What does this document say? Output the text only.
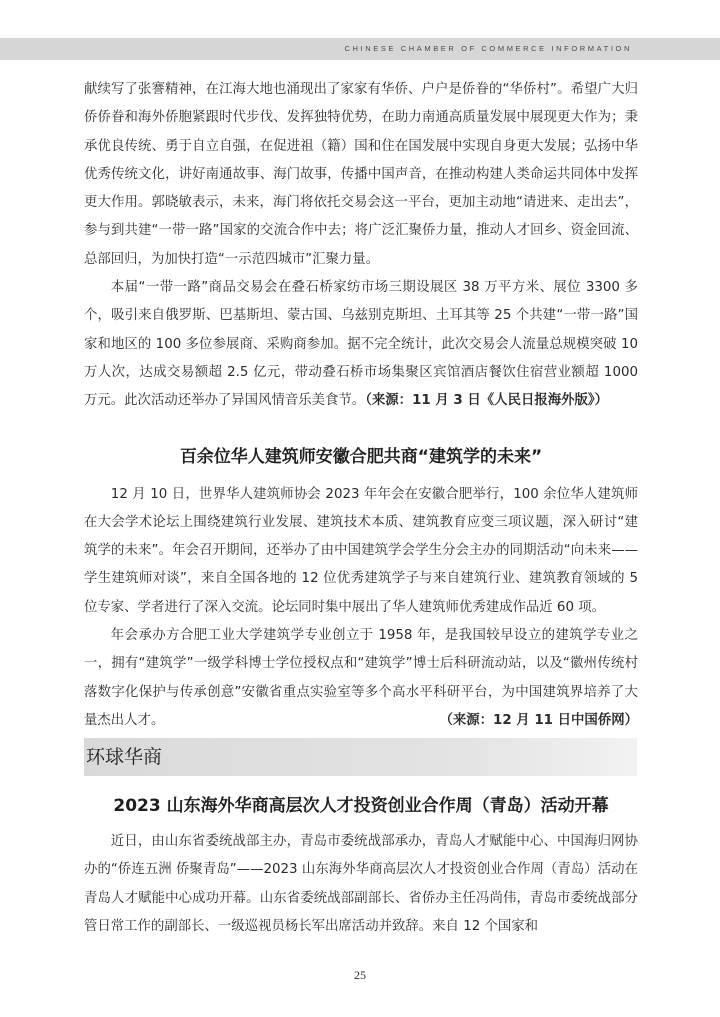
CHINESE CHAMBER OF COMMERCE INFORMATION

献续写了张謇精神，在江海大地也涌现出了家家有华侨、户户是侨眷的“华侨村”。希望广大归侨侨眷和海外侨胞紧跟时代步伐、发挥独特优势，在助力南通高质量发展中展现更大作为；秉承优良传统、勇于自立自强，在促进祖（籍）国和住在国发展中实现自身更大发展；弘扬中华优秀传统文化，讲好南通故事、海门故事，传播中国声音，在推动构建人类命运共同体中发挥更大作用。郭晓敏表示，未来，海门将依托交易会这一平台，更加主动地“请进来、走出去”，参与到共建“一带一路”国家的交流合作中去；将广泛汇聚侨力量，推动人才回乡、资金回流、总部回归，为加快打造“一示范四城市”汇聚力量。

本届“一带一路”商品交易会在叠石桥家纺市场三期设展区 38 万平方米、展位 3300 多个，吸引来自俄罗斯、巴基斯坦、蒙古国、乌兹别克斯坦、土耳其等 25 个共建“一带一路”国家和地区的 100 多位参展商、采购商参加。据不完全统计，此次交易会人流量总规模突破 10 万人次，达成交易额超 2.5 亿元，带动叠石桥市场集聚区宾馆酒店餐饮住宿营业额超 1000 万元。此次活动还举办了异国风情音乐美食节。（来源：11 月 3 日《人民日报海外版》）

百余位华人建筑师安徽合肥共商“建筑学的未来”

12 月 10 日，世界华人建筑师协会 2023 年年会在安徽合肥举行，100 余位华人建筑师在大会学术论坛上围绕建筑行业发展、建筑技术本质、建筑教育应变三项议题，深入研讨“建筑学的未来”。年会召开期间，还举办了由中国建筑学会学生分会主办的同期活动“向未来——学生建筑师对谈”，来自全国各地的 12 位优秀建筑学子与来自建筑行业、建筑教育领域的 5 位专家、学者进行了深入交流。论坛同时集中展出了华人建筑师优秀建成作品近 60 项。

年会承办方合肥工业大学建筑学专业创立于 1958 年，是我国较早设立的建筑学专业之一，拥有“建筑学”一级学科博士学位授权点和“建筑学”博士后科研流动站，以及“徽州传统村落数字化保护与传承创意”安徽省重点实验室等多个高水平科研平台，为中国建筑界培养了大量杰出人才。	（来源：12 月 11 日中国侨网）

环球华商
2023 山东海外华商高层次人才投资创业合作周（青岛）活动开幕

近日，由山东省委统战部主办，青岛市委统战部承办，青岛人才赋能中心、中国海归网协办的“侨连五洲 侨聚青岛”——2023 山东海外华商高层次人才投资创业合作周（青岛）活动在青岛人才赋能中心成功开幕。山东省委统战部副部长、省侨办主任冯尚伟，青岛市委统战部分管日常工作的副部长、一级巡视员杨长军出席活动并致辞。来自 12 个国家和

25
